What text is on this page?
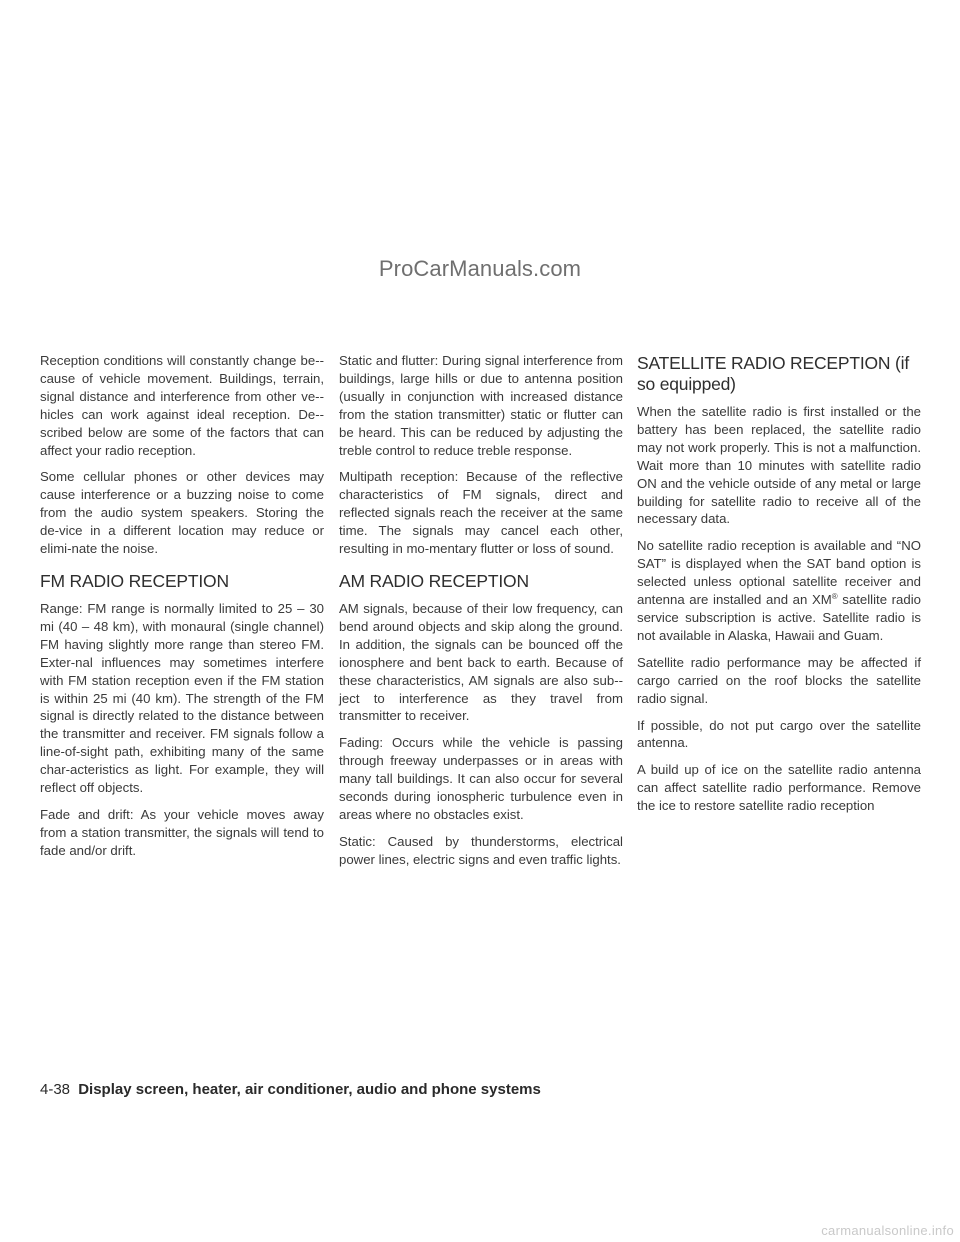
ProCarManuals.com

Reception conditions will constantly change be-cause of vehicle movement. Buildings, terrain, signal distance and interference from other ve-hicles can work against ideal reception. De-scribed below are some of the factors that can affect your radio reception.

Some cellular phones or other devices may cause interference or a buzzing noise to come from the audio system speakers. Storing the de-vice in a different location may reduce or elimi-nate the noise.

FM RADIO RECEPTION

Range: FM range is normally limited to 25 – 30 mi (40 – 48 km), with monaural (single channel) FM having slightly more range than stereo FM. Exter-nal influences may sometimes interfere with FM station reception even if the FM station is within 25 mi (40 km). The strength of the FM signal is directly related to the distance between the transmitter and receiver. FM signals follow a line-of-sight path, exhibiting many of the same char-acteristics as light. For example, they will reflect off objects.

Fade and drift: As your vehicle moves away from a station transmitter, the signals will tend to fade and/or drift.

Static and flutter: During signal interference from buildings, large hills or due to antenna position (usually in conjunction with increased distance from the station transmitter) static or flutter can be heard. This can be reduced by adjusting the treble control to reduce treble response.

Multipath reception: Because of the reflective characteristics of FM signals, direct and reflected signals reach the receiver at the same time. The signals may cancel each other, resulting in mo-mentary flutter or loss of sound.

AM RADIO RECEPTION

AM signals, because of their low frequency, can bend around objects and skip along the ground. In addition, the signals can be bounced off the ionosphere and bent back to earth. Because of these characteristics, AM signals are also sub-ject to interference as they travel from transmitter to receiver.

Fading: Occurs while the vehicle is passing through freeway underpasses or in areas with many tall buildings. It can also occur for several seconds during ionospheric turbulence even in areas where no obstacles exist.

Static: Caused by thunderstorms, electrical power lines, electric signs and even traffic lights.

SATELLITE RADIO RECEPTION (if so equipped)

When the satellite radio is first installed or the battery has been replaced, the satellite radio may not work properly. This is not a malfunction. Wait more than 10 minutes with satellite radio ON and the vehicle outside of any metal or large building for satellite radio to receive all of the necessary data.

No satellite radio reception is available and “NO SAT” is displayed when the SAT band option is selected unless optional satellite receiver and antenna are installed and an XM® satellite radio service subscription is active. Satellite radio is not available in Alaska, Hawaii and Guam.

Satellite radio performance may be affected if cargo carried on the roof blocks the satellite radio signal.

If possible, do not put cargo over the satellite antenna.

A build up of ice on the satellite radio antenna can affect satellite radio performance. Remove the ice to restore satellite radio reception

4-38 Display screen, heater, air conditioner, audio and phone systems
carmanualsonline.info
